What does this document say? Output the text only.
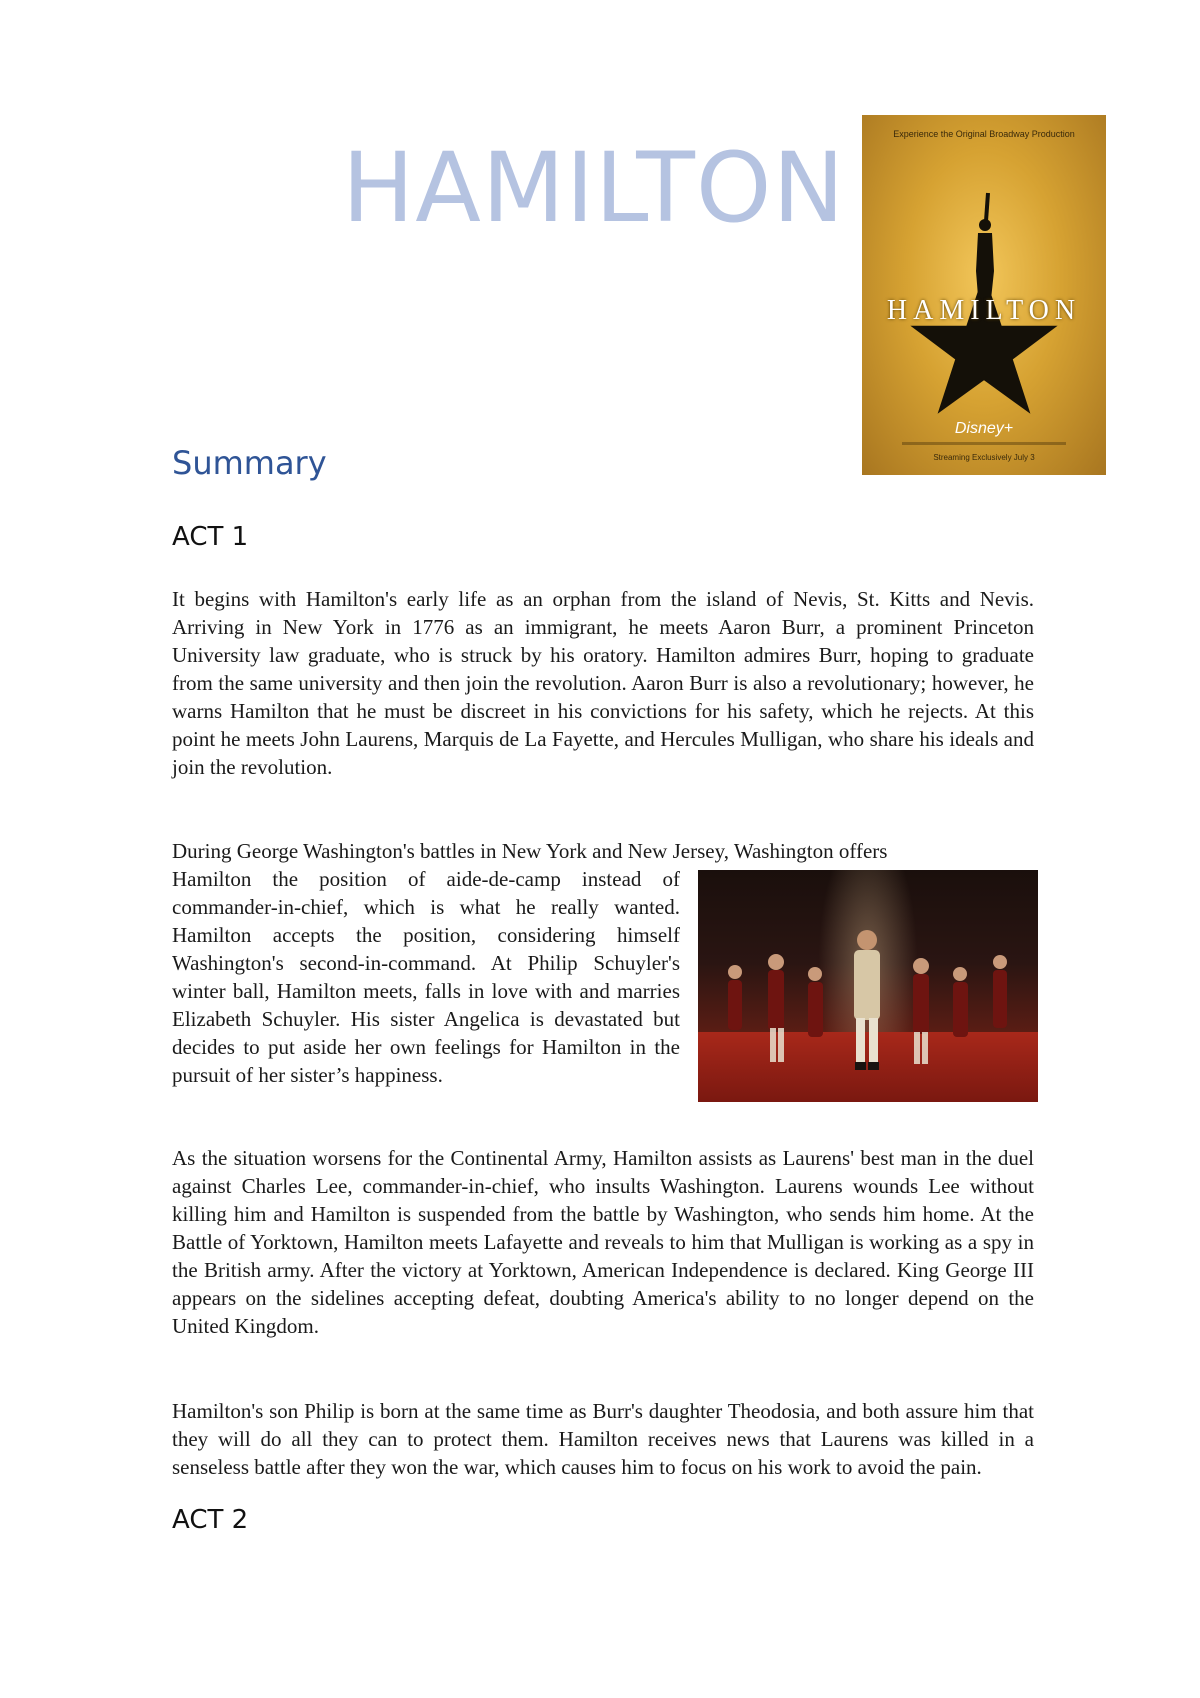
HAMILTON	Experience the Original Broadway Production
HAMILTON
Disney+
Streaming Exclusively July 3
Summary
ACT 1

It begins with Hamilton's early life as an orphan from the island of Nevis, St. Kitts and Nevis. Arriving in New York in 1776 as an immigrant, he meets Aaron Burr, a prominent Princeton University law graduate, who is struck by his oratory. Hamilton admires Burr, hoping to graduate from the same university and then join the revolution. Aaron Burr is also a revolutionary; however, he warns Hamilton that he must be discreet in his convictions for his safety, which he rejects. At this point he meets John Laurens, Marquis de La Fayette, and Hercules Mulligan, who share his ideals and join the revolution.

During George Washington's battles in New York and New Jersey, Washington offers

Hamilton the position of aide-de-camp instead of commander-in-chief, which is what he really wanted. Hamilton accepts the position, considering himself Washington's second-in-command. At Philip Schuyler's winter ball, Hamilton meets, falls in love with and marries Elizabeth Schuyler. His sister Angelica is devastated but decides to put aside her own feelings for Hamilton in the pursuit of her sister’s happiness.

As the situation worsens for the Continental Army, Hamilton assists as Laurens' best man in the duel against Charles Lee, commander-in-chief, who insults Washington. Laurens wounds Lee without killing him and Hamilton is suspended from the battle by Washington, who sends him home. At the Battle of Yorktown, Hamilton meets Lafayette and reveals to him that Mulligan is working as a spy in the British army. After the victory at Yorktown, American Independence is declared. King George III appears on the sidelines accepting defeat, doubting America's ability to no longer depend on the United Kingdom.

Hamilton's son Philip is born at the same time as Burr's daughter Theodosia, and both assure him that they will do all they can to protect them. Hamilton receives news that Laurens was killed in a senseless battle after they won the war, which causes him to focus on his work to avoid the pain.

ACT 2
